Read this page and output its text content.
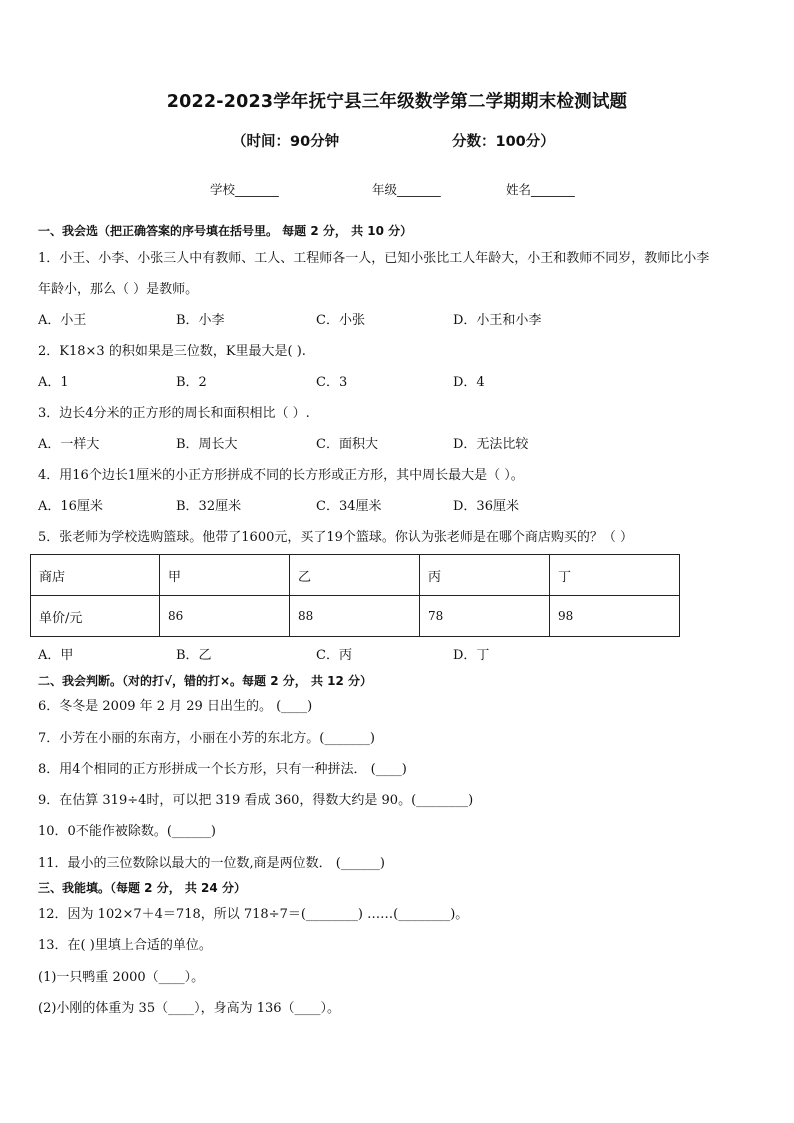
2022-2023学年抚宁县三年级数学第二学期期末检测试题
（时间：90分钟	分数：100分）
学校_______	年级_______	姓名_______
一、我会选（把正确答案的序号填在括号里。 每题 2 分， 共 10 分）
1．小王、小李、小张三人中有教师、工人、工程师各一人，已知小张比工人年龄大，小王和教师不同岁，教师比小李
年龄小，那么（ ）是教师。
A．小王	B．小李	C．小张	D．小王和小李
2．K18×3 的积如果是三位数，K里最大是( ).
A．1	B．2	C．3	D．4
3．边长4分米的正方形的周长和面积相比（ ）.
A．一样大	B．周长大	C．面积大	D．无法比较
4．用16个边长1厘米的小正方形拼成不同的长方形或正方形，其中周长最大是（ ）。
A．16厘米	B．32厘米	C．34厘米	D．36厘米
5．张老师为学校选购篮球。他带了1600元，买了19个篮球。你认为张老师是在哪个商店购买的？（ ）
商店	甲	乙	丙	丁
单价/元	86	88	78	98
A．甲	B．乙	C．丙	D．丁
二、我会判断。（对的打√，错的打×。每题 2 分， 共 12 分）
6．冬冬是 2009 年 2 月 29 日出生的。 (____)
7．小芳在小丽的东南方，小丽在小芳的东北方。(_______)
8．用4个相同的正方形拼成一个长方形，只有一种拼法． (____)
9．在估算 319÷4时，可以把 319 看成 360，得数大约是 90。(________)
10．0不能作被除数。(______)
11．最小的三位数除以最大的一位数,商是两位数． (______)
三、我能填。（每题 2 分， 共 24 分）
12．因为 102×7＋4＝718，所以 718÷7＝(________) ……(________)。
13．在( )里填上合适的单位。
(1)一只鸭重 2000（____）。
(2)小刚的体重为 35（____），身高为 136（____）。
